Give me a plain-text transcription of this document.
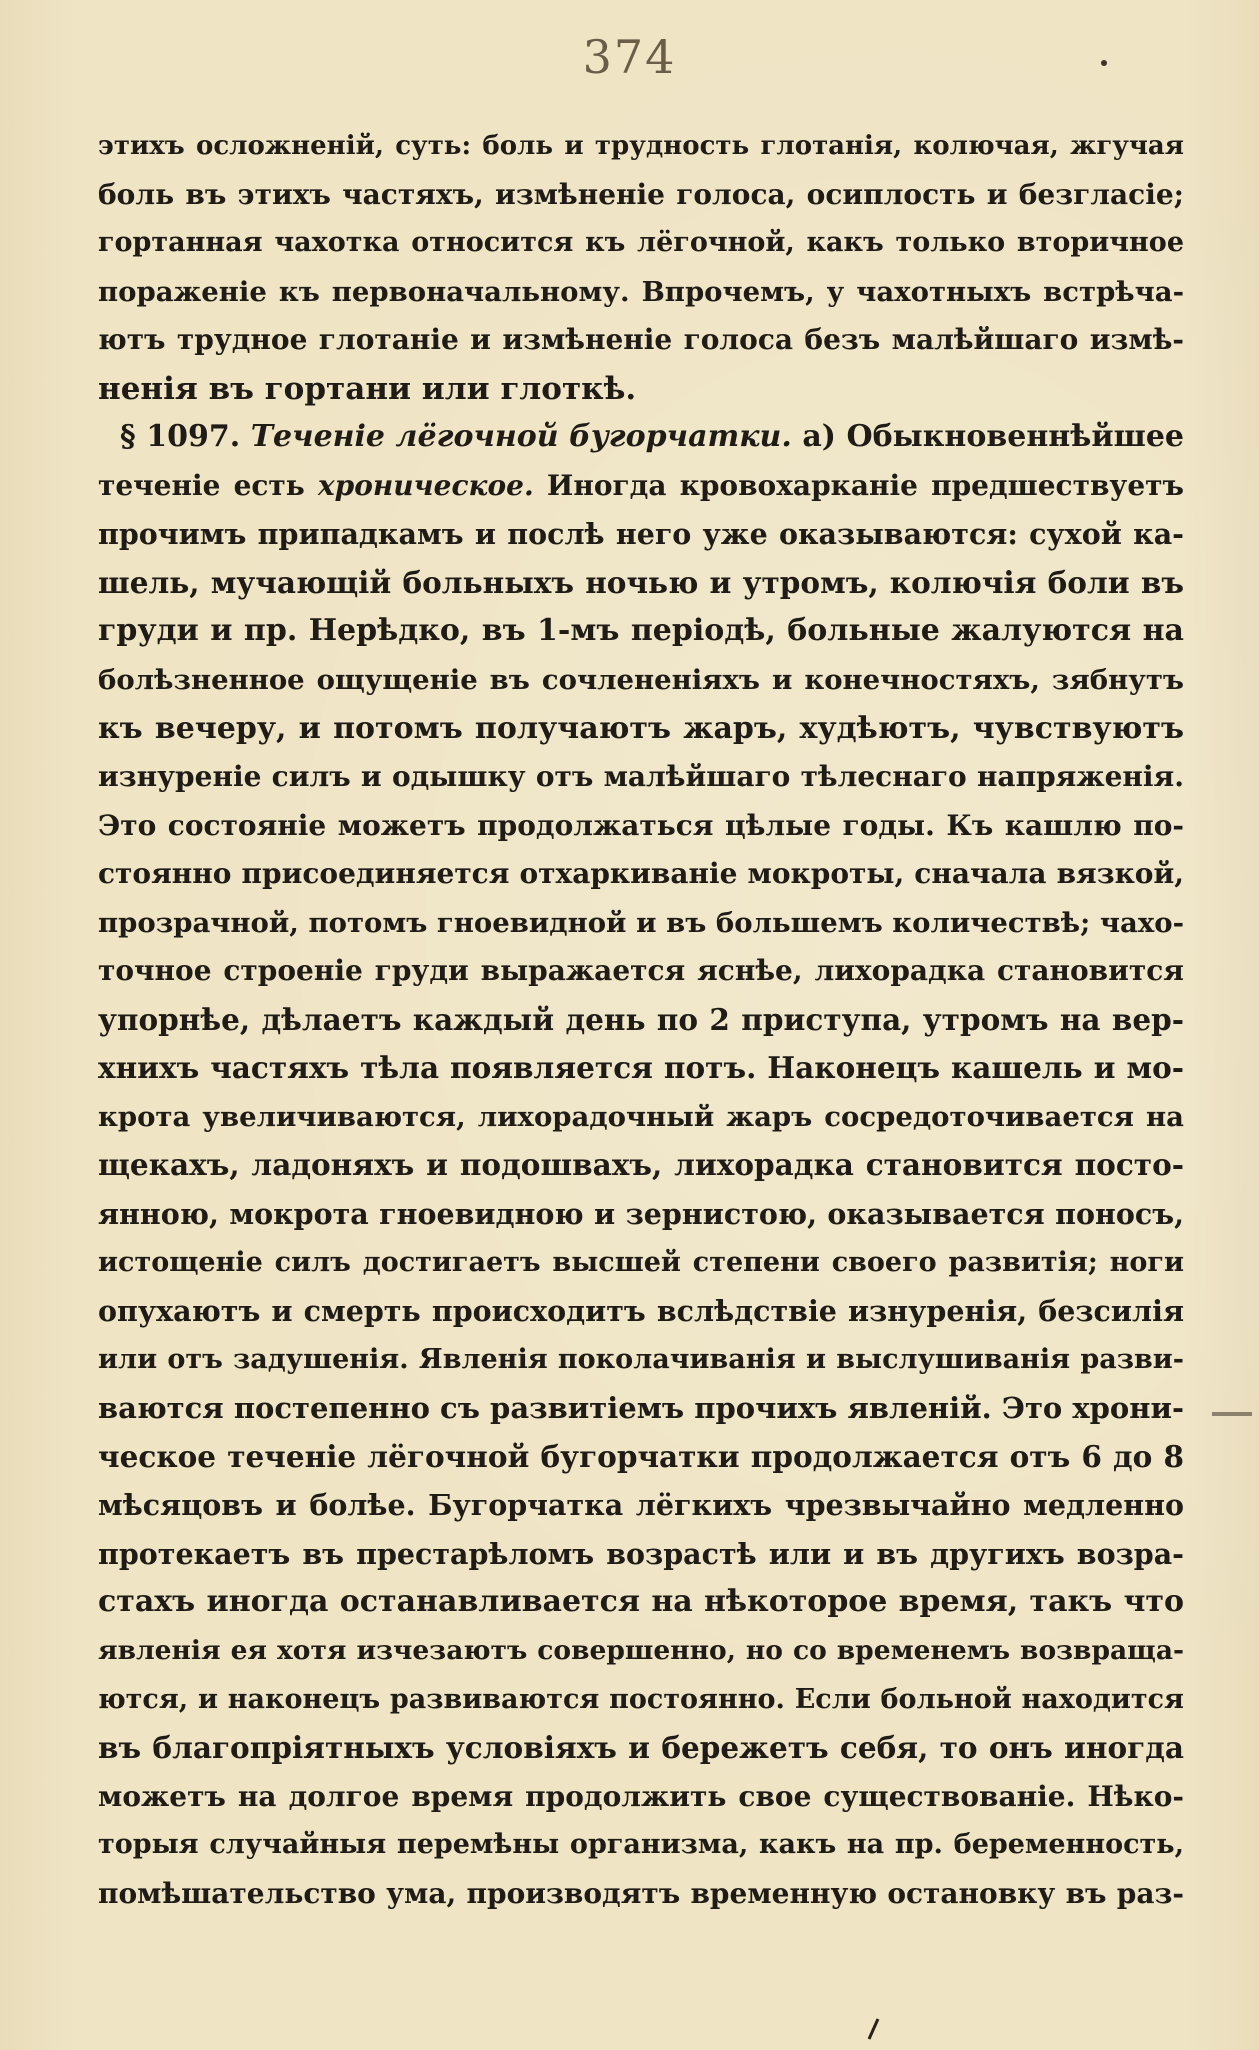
374
этихъ осложненій, суть: боль и трудность глотанія, колючая, жгучая
боль въ этихъ частяхъ, измѣненіе голоса, осиплость и безгласіе;
гортанная чахотка относится къ лёгочной, какъ только вторичное
пораженіе къ первоначальному. Впрочемъ, у чахотныхъ встрѣча-
ютъ трудное глотаніе и измѣненіе голоса безъ малѣйшаго измѣ-
ненія въ гортани или глоткѣ.
§ 1097. Теченіе лёгочной бугорчатки. а) Обыкновеннѣйшее
теченіе есть хроническое. Иногда кровохарканіе предшествуетъ
прочимъ припадкамъ и послѣ него уже оказываются: сухой ка-
шель, мучающій больныхъ ночью и утромъ, колючія боли въ
груди и пр. Нерѣдко, въ 1-мъ періодѣ, больные жалуются на
болѣзненное ощущеніе въ сочлененіяхъ и конечностяхъ, зябнутъ
къ вечеру, и потомъ получаютъ жаръ, худѣютъ, чувствуютъ
изнуреніе силъ и одышку отъ малѣйшаго тѣлеснаго напряженія.
Это состояніе можетъ продолжаться цѣлые годы. Къ кашлю по-
стоянно присоединяется отхаркиваніе мокроты, сначала вязкой,
прозрачной, потомъ гноевидной и въ большемъ количествѣ; чахо-
точное строеніе груди выражается яснѣе, лихорадка становится
упорнѣе, дѣлаетъ каждый день по 2 приступа, утромъ на вер-
хнихъ частяхъ тѣла появляется потъ. Наконецъ кашель и мо-
крота увеличиваются, лихорадочный жаръ сосредоточивается на
щекахъ, ладоняхъ и подошвахъ, лихорадка становится посто-
янною, мокрота гноевидною и зернистою, оказывается поносъ,
истощеніе силъ достигаетъ высшей степени своего развитія; ноги
опухаютъ и смерть происходитъ вслѣдствіе изнуренія, безсилія
или отъ задушенія. Явленія поколачиванія и выслушиванія разви-
ваются постепенно съ развитіемъ прочихъ явленій. Это хрони-
ческое теченіе лёгочной бугорчатки продолжается отъ 6 до 8
мѣсяцовъ и болѣе. Бугорчатка лёгкихъ чрезвычайно медленно
протекаетъ въ престарѣломъ возрастѣ или и въ другихъ возра-
стахъ иногда останавливается на нѣкоторое время, такъ что
явленія ея хотя изчезаютъ совершенно, но со временемъ возвраща-
ются, и наконецъ развиваются постоянно. Если больной находится
въ благопріятныхъ условіяхъ и бережетъ себя, то онъ иногда
можетъ на долгое время продолжить свое существованіе. Нѣко-
торыя случайныя перемѣны организма, какъ на пр. беременность,
помѣшательство ума, производятъ временную остановку въ раз-
